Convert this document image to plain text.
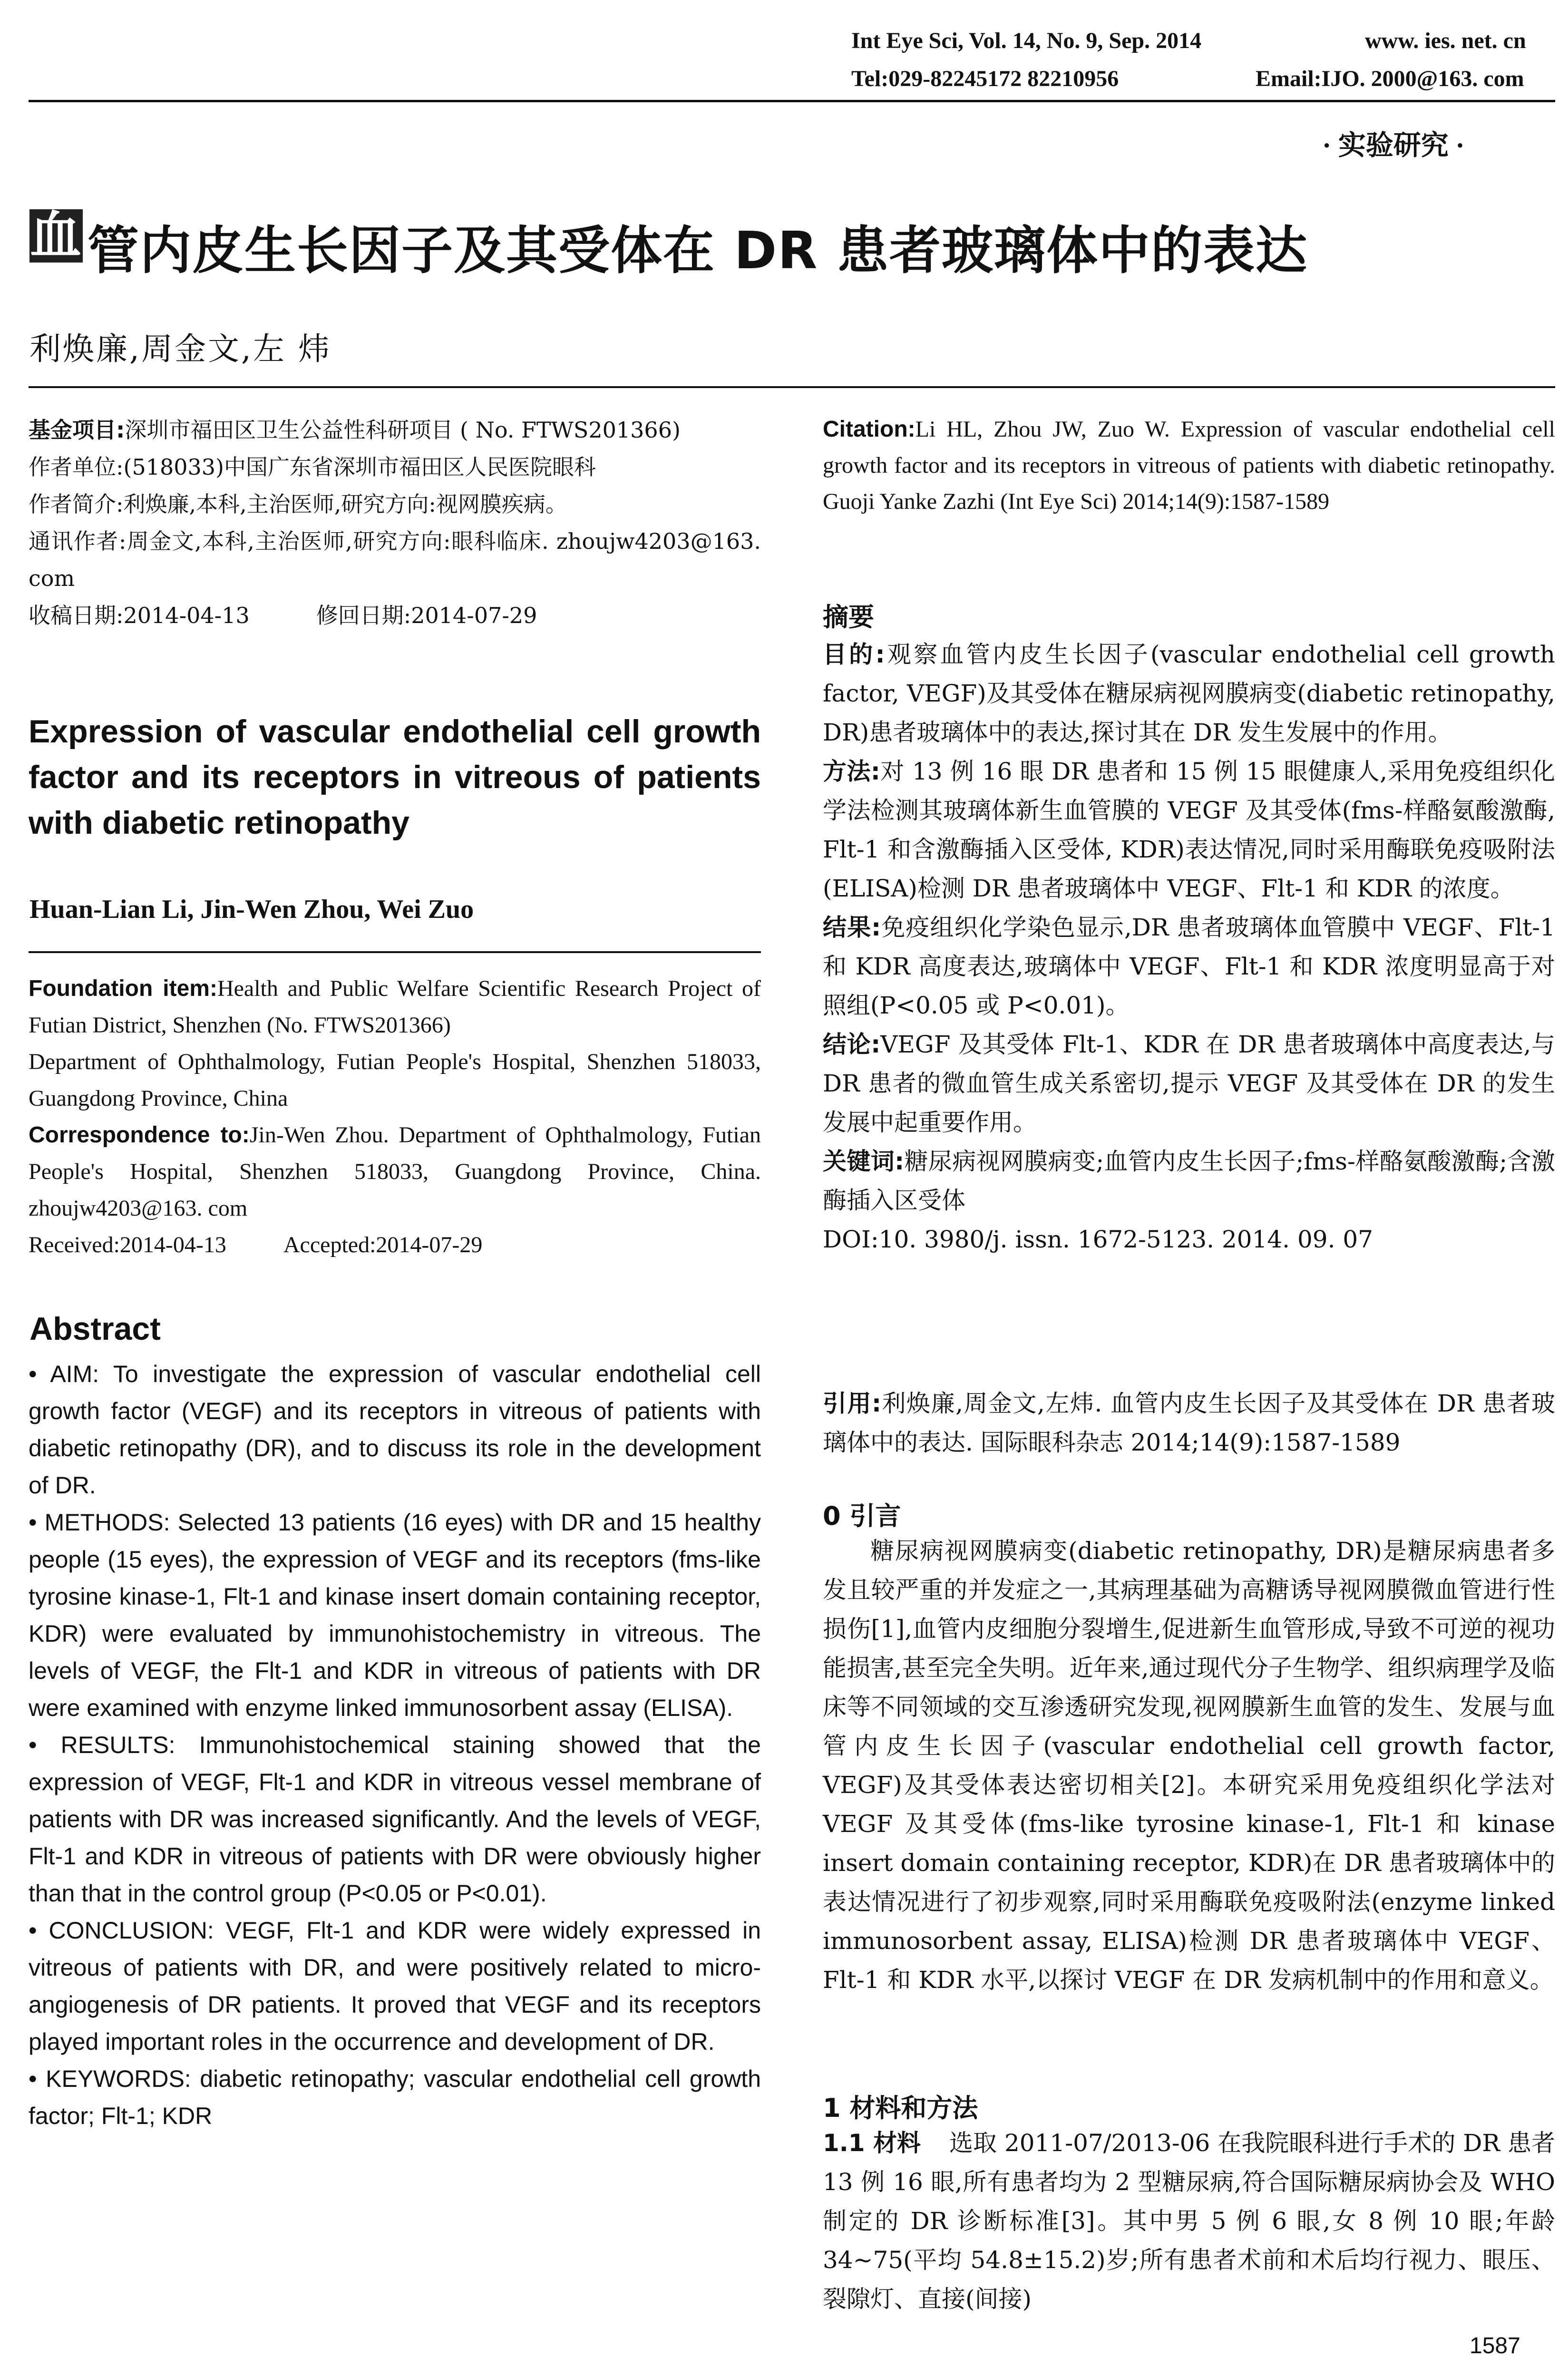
Int Eye Sci, Vol. 14, No. 9, Sep. 2014	www. ies. net. cn
Tel:029-82245172 82210956	Email:IJO. 2000@163. com
· 实验研究 ·
血 管内皮生长因子及其受体在 DR 患者玻璃体中的表达
利焕廉,周金文,左 炜

基金项目:深圳市福田区卫生公益性科研项目 ( No. FTWS201366)

作者单位:(518033)中国广东省深圳市福田区人民医院眼科

作者简介:利焕廉,本科,主治医师,研究方向:视网膜疾病。

通讯作者:周金文,本科,主治医师,研究方向:眼科临床. zhoujw4203@163. com

收稿日期:2014-04-13	修回日期:2014-07-29

Expression of vascular endothelial cell growth factor and its receptors in vitreous of patients with diabetic retinopathy
Huan-Lian Li, Jin-Wen Zhou, Wei Zuo

Foundation item:Health and Public Welfare Scientific Research Project of Futian District, Shenzhen (No. FTWS201366)

Department of Ophthalmology, Futian People's Hospital, Shenzhen 518033, Guangdong Province, China

Correspondence to:Jin-Wen Zhou. Department of Ophthalmology, Futian People's Hospital, Shenzhen 518033, Guangdong Province, China. zhoujw4203@163. com

Received:2014-04-13	Accepted:2014-07-29

Abstract

• AIM: To investigate the expression of vascular endothelial cell growth factor (VEGF) and its receptors in vitreous of patients with diabetic retinopathy (DR), and to discuss its role in the development of DR.

• METHODS: Selected 13 patients (16 eyes) with DR and 15 healthy people (15 eyes), the expression of VEGF and its receptors (fms-like tyrosine kinase-1, Flt-1 and kinase insert domain containing receptor, KDR) were evaluated by immunohistochemistry in vitreous. The levels of VEGF, the Flt-1 and KDR in vitreous of patients with DR were examined with enzyme linked immunosorbent assay (ELISA).

• RESULTS: Immunohistochemical staining showed that the expression of VEGF, Flt-1 and KDR in vitreous vessel membrane of patients with DR was increased significantly. And the levels of VEGF, Flt-1 and KDR in vitreous of patients with DR were obviously higher than that in the control group (P<0.05 or P<0.01).

• CONCLUSION: VEGF, Flt-1 and KDR were widely expressed in vitreous of patients with DR, and were positively related to micro-angiogenesis of DR patients. It proved that VEGF and its receptors played important roles in the occurrence and development of DR.

• KEYWORDS: diabetic retinopathy; vascular endothelial cell growth factor; Flt-1; KDR

Citation:Li HL, Zhou JW, Zuo W. Expression of vascular endothelial cell growth factor and its receptors in vitreous of patients with diabetic retinopathy. Guoji Yanke Zazhi (Int Eye Sci) 2014;14(9):1587-1589

摘要

目的:观察血管内皮生长因子(vascular endothelial cell growth factor, VEGF)及其受体在糖尿病视网膜病变(diabetic retinopathy, DR)患者玻璃体中的表达,探讨其在 DR 发生发展中的作用。

方法:对 13 例 16 眼 DR 患者和 15 例 15 眼健康人,采用免疫组织化学法检测其玻璃体新生血管膜的 VEGF 及其受体(fms-样酪氨酸激酶, Flt-1 和含激酶插入区受体, KDR)表达情况,同时采用酶联免疫吸附法(ELISA)检测 DR 患者玻璃体中 VEGF、Flt-1 和 KDR 的浓度。

结果:免疫组织化学染色显示,DR 患者玻璃体血管膜中 VEGF、Flt-1 和 KDR 高度表达,玻璃体中 VEGF、Flt-1 和 KDR 浓度明显高于对照组(P<0.05 或 P<0.01)。

结论:VEGF 及其受体 Flt-1、KDR 在 DR 患者玻璃体中高度表达,与 DR 患者的微血管生成关系密切,提示 VEGF 及其受体在 DR 的发生发展中起重要作用。

关键词:糖尿病视网膜病变;血管内皮生长因子;fms-样酪氨酸激酶;含激酶插入区受体

DOI:10. 3980/j. issn. 1672-5123. 2014. 09. 07

引用:利焕廉,周金文,左炜. 血管内皮生长因子及其受体在 DR 患者玻璃体中的表达. 国际眼科杂志 2014;14(9):1587-1589

0 引言

糖尿病视网膜病变(diabetic retinopathy, DR)是糖尿病患者多发且较严重的并发症之一,其病理基础为高糖诱导视网膜微血管进行性损伤[1],血管内皮细胞分裂增生,促进新生血管形成,导致不可逆的视功能损害,甚至完全失明。近年来,通过现代分子生物学、组织病理学及临床等不同领域的交互渗透研究发现,视网膜新生血管的发生、发展与血管内皮生长因子(vascular endothelial cell growth factor, VEGF)及其受体表达密切相关[2]。本研究采用免疫组织化学法对 VEGF 及其受体(fms-like tyrosine kinase-1, Flt-1 和 kinase insert domain containing receptor, KDR)在 DR 患者玻璃体中的表达情况进行了初步观察,同时采用酶联免疫吸附法(enzyme linked immunosorbent assay, ELISA)检测 DR 患者玻璃体中 VEGF、Flt-1 和 KDR 水平,以探讨 VEGF 在 DR 发病机制中的作用和意义。

1 材料和方法

1.1 材料 选取 2011-07/2013-06 在我院眼科进行手术的 DR 患者 13 例 16 眼,所有患者均为 2 型糖尿病,符合国际糖尿病协会及 WHO 制定的 DR 诊断标准[3]。其中男 5 例 6 眼,女 8 例 10 眼;年龄 34~75(平均 54.8±15.2)岁;所有患者术前和术后均行视力、眼压、裂隙灯、直接(间接)

1587
